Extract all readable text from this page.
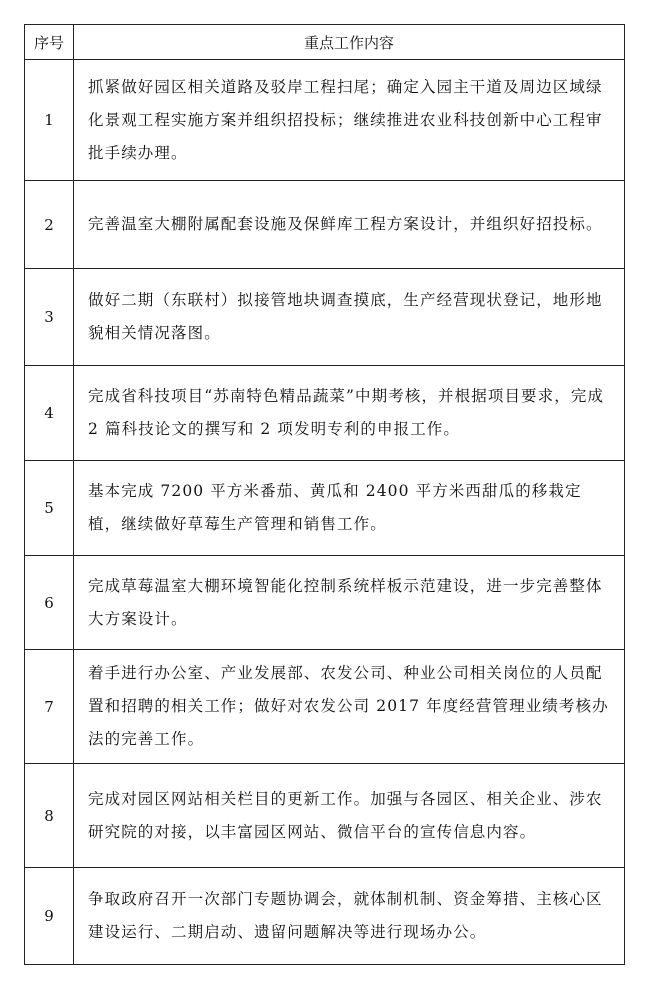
序号	重点工作内容
1	抓紧做好园区相关道路及驳岸工程扫尾；确定入园主干道及周边区域绿化景观工程实施方案并组织招投标；继续推进农业科技创新中心工程审批手续办理。
2	完善温室大棚附属配套设施及保鲜库工程方案设计，并组织好招投标。
3	做好二期（东联村）拟接管地块调查摸底，生产经营现状登记，地形地貌相关情况落图。
4	完成省科技项目“苏南特色精品蔬菜”中期考核，并根据项目要求，完成 2 篇科技论文的撰写和 2 项发明专利的申报工作。
5	基本完成 7200 平方米番茄、黄瓜和 2400 平方米西甜瓜的移栽定植，继续做好草莓生产管理和销售工作。
6	完成草莓温室大棚环境智能化控制系统样板示范建设，进一步完善整体大方案设计。
7	着手进行办公室、产业发展部、农发公司、种业公司相关岗位的人员配置和招聘的相关工作；做好对农发公司 2017 年度经营管理业绩考核办法的完善工作。
8	完成对园区网站相关栏目的更新工作。加强与各园区、相关企业、涉农研究院的对接，以丰富园区网站、微信平台的宣传信息内容。
9	争取政府召开一次部门专题协调会，就体制机制、资金筹措、主核心区建设运行、二期启动、遗留问题解决等进行现场办公。
